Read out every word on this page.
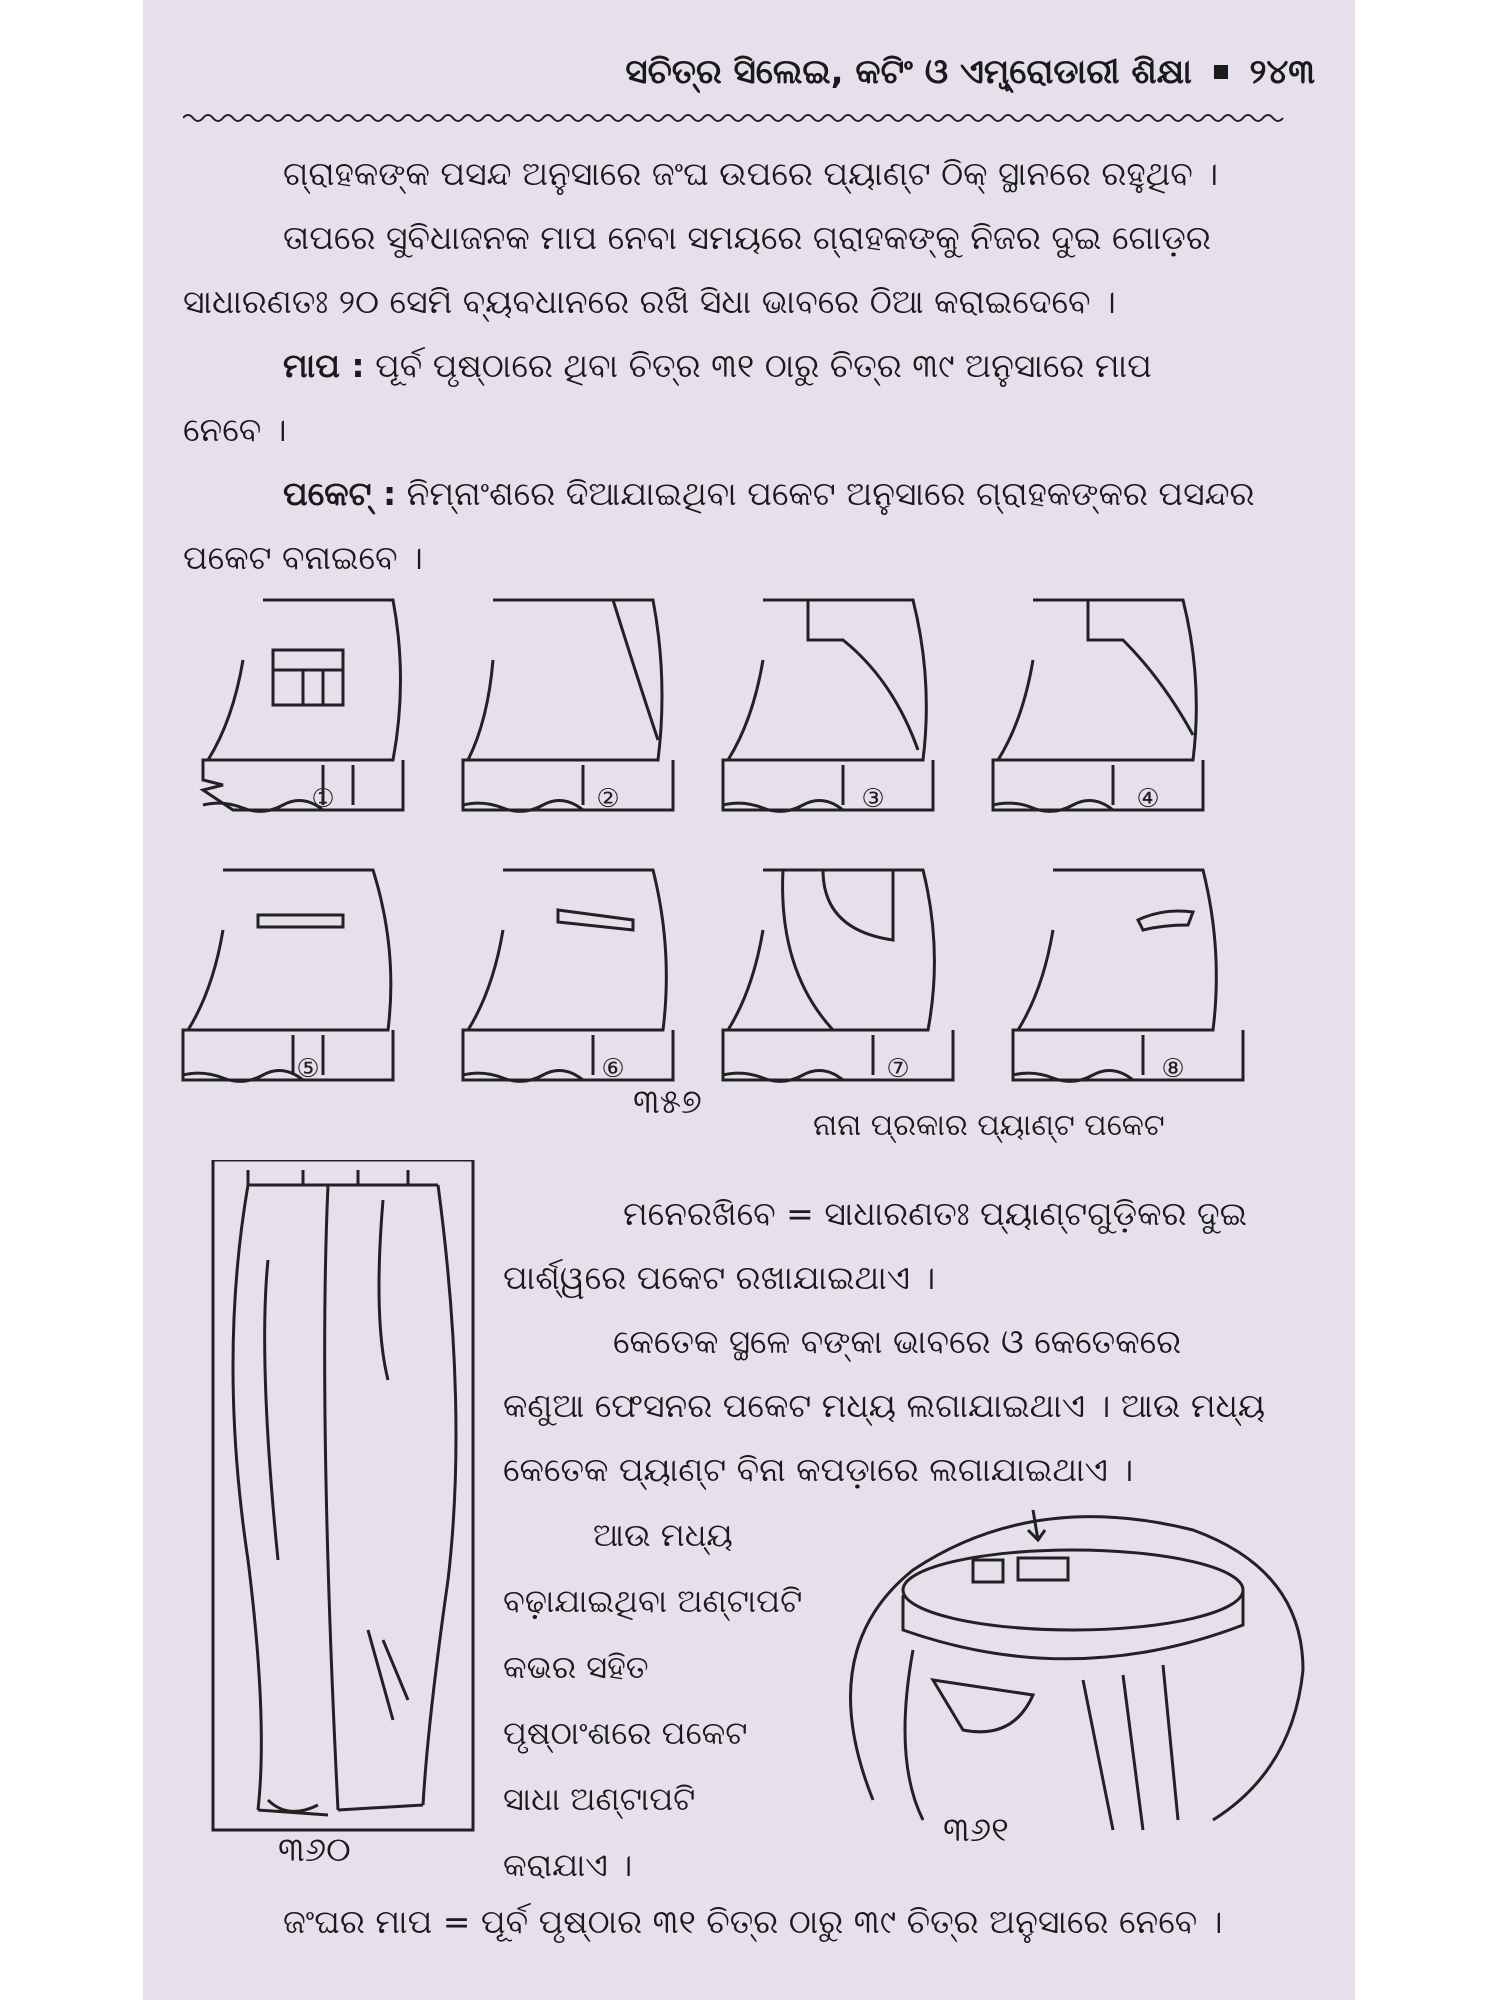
ସଚିତ୍ର ସିଲେଇ, କଟିଂ ଓ ଏମ୍ବ୍ରୋଡାରୀ ଶିକ୍ଷା ୨୪୩
ଗ୍ରାହକଙ୍କ ପସନ୍ଦ ଅନୁସାରେ ଜଂଘ ଉପରେ ପ୍ୟାଣ୍ଟ ଠିକ୍ ସ୍ଥାନରେ ରହୁଥିବ ।
ତାପରେ ସୁବିଧାଜନକ ମାପ ନେବା ସମୟରେ ଗ୍ରାହକଙ୍କୁ ନିଜର ଦୁଇ ଗୋଡ଼ର
ସାଧାରଣତଃ ୨୦ ସେମି ବ୍ୟବଧାନରେ ରଖି ସିଧା ଭାବରେ ଠିଆ କରାଇଦେବେ ।
ମାପ : ପୂର୍ବ ପୃଷ୍ଠାରେ ଥିବା ଚିତ୍ର ୩୧ ଠାରୁ ଚିତ୍ର ୩୯ ଅନୁସାରେ ମାପ
ନେବେ ।
ପକେଟ୍ : ନିମ୍ନାଂଶରେ ଦିଆଯାଇଥିବା ପକେଟ ଅନୁସାରେ ଗ୍ରାହକଙ୍କର ପସନ୍ଦର
ପକେଟ ବନାଇବେ ।
①	②	③	④
⑤	⑥	⑦	⑧
୩୫୭
ନାନା ପ୍ରକାର ପ୍ୟାଣ୍ଟ ପକେଟ
୩୬୦
ମନେରଖିବେ = ସାଧାରଣତଃ ପ୍ୟାଣ୍ଟଗୁଡ଼ିକର ଦୁଇ
ପାର୍ଶ୍ୱରେ ପକେଟ ରଖାଯାଇଥାଏ ।
କେତେକ ସ୍ଥଳେ ବଙ୍କା ଭାବରେ ଓ କେତେକରେ
କଣୁଆ ଫେସନର ପକେଟ ମଧ୍ୟ ଲଗାଯାଇଥାଏ । ଆଉ ମଧ୍ୟ
କେତେକ ପ୍ୟାଣ୍ଟ ବିନା କପଡ଼ାରେ ଲଗାଯାଇଥାଏ ।
ଆଉ ମଧ୍ୟ
ବଢ଼ାଯାଇଥିବା ଅଣ୍ଟାପଟି
କଭର ସହିତ
ପୃଷ୍ଠାଂଶରେ ପକେଟ
ସାଧା ଅଣ୍ଟାପଟି
କରାଯାଏ ।
୩୬୧
ଜଂଘର ମାପ = ପୂର୍ବ ପୃଷ୍ଠାର ୩୧ ଚିତ୍ର ଠାରୁ ୩୯ ଚିତ୍ର ଅନୁସାରେ ନେବେ ।
